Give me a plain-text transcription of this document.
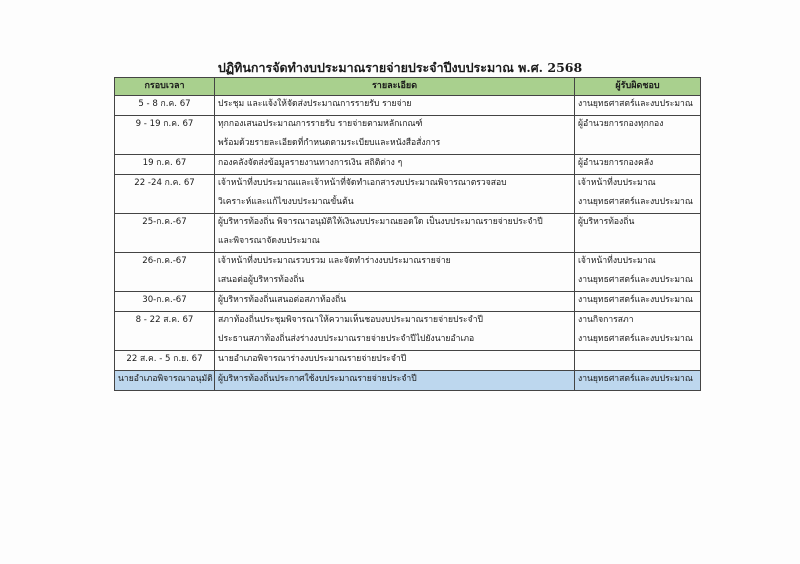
ปฏิทินการจัดทำงบประมาณรายจ่ายประจำปีงบประมาณ พ.ศ. 2568
กรอบเวลา	รายละเอียด	ผู้รับผิดชอบ

5 - 8 ก.ค. 67	ประชุม และแจ้งให้จัดส่งประมาณการรายรับ รายจ่าย	งานยุทธศาสตร์และงบประมาณ

9 - 19 ก.ค. 67	ทุกกองเสนอประมาณการรายรับ รายจ่ายตามหลักเกณฑ์
พร้อมด้วยรายละเอียดที่กำหนดตามระเบียบและหนังสือสั่งการ	ผู้อำนวยการกองทุกกอง

19 ก.ค. 67	กองคลังจัดส่งข้อมูลรายงานทางการเงิน สถิติต่าง ๆ	ผู้อำนวยการกองคลัง

22 -24 ก.ค. 67	เจ้าหน้าที่งบประมาณและเจ้าหน้าที่จัดทำเอกสารงบประมาณพิจารณาตรวจสอบ
วิเคราะห์และแก้ไขงบประมาณขั้นต้น	เจ้าหน้าที่งบประมาณ
งานยุทธศาสตร์และงบประมาณ

25-ก.ค.-67	ผู้บริหารท้องถิ่น พิจารณาอนุมัติให้เงินงบประมาณยอดใด เป็นงบประมาณรายจ่ายประจำปี
และพิจารณาจัดงบประมาณ	ผู้บริหารท้องถิ่น

26-ก.ค.-67	เจ้าหน้าที่งบประมาณรวบรวม และจัดทำร่างงบประมาณรายจ่าย
เสนอต่อผู้บริหารท้องถิ่น	เจ้าหน้าที่งบประมาณ
งานยุทธศาสตร์และงบประมาณ

30-ก.ค.-67	ผู้บริหารท้องถิ่นเสนอต่อสภาท้องถิ่น	งานยุทธศาสตร์และงบประมาณ

8 - 22 ส.ค. 67	สภาท้องถิ่นประชุมพิจารณาให้ความเห็นชอบงบประมาณรายจ่ายประจำปี
ประธานสภาท้องถิ่นส่งร่างงบประมาณรายจ่ายประจำปีไปยังนายอำเภอ	งานกิจการสภา
งานยุทธศาสตร์และงบประมาณ

22 ส.ค. - 5 ก.ย. 67	นายอำเภอพิจารณาร่างงบประมาณรายจ่ายประจำปี	

นายอำเภอพิจารณาอนุมัติ	ผู้บริหารท้องถิ่นประกาศใช้งบประมาณรายจ่ายประจำปี	งานยุทธศาสตร์และงบประมาณ
